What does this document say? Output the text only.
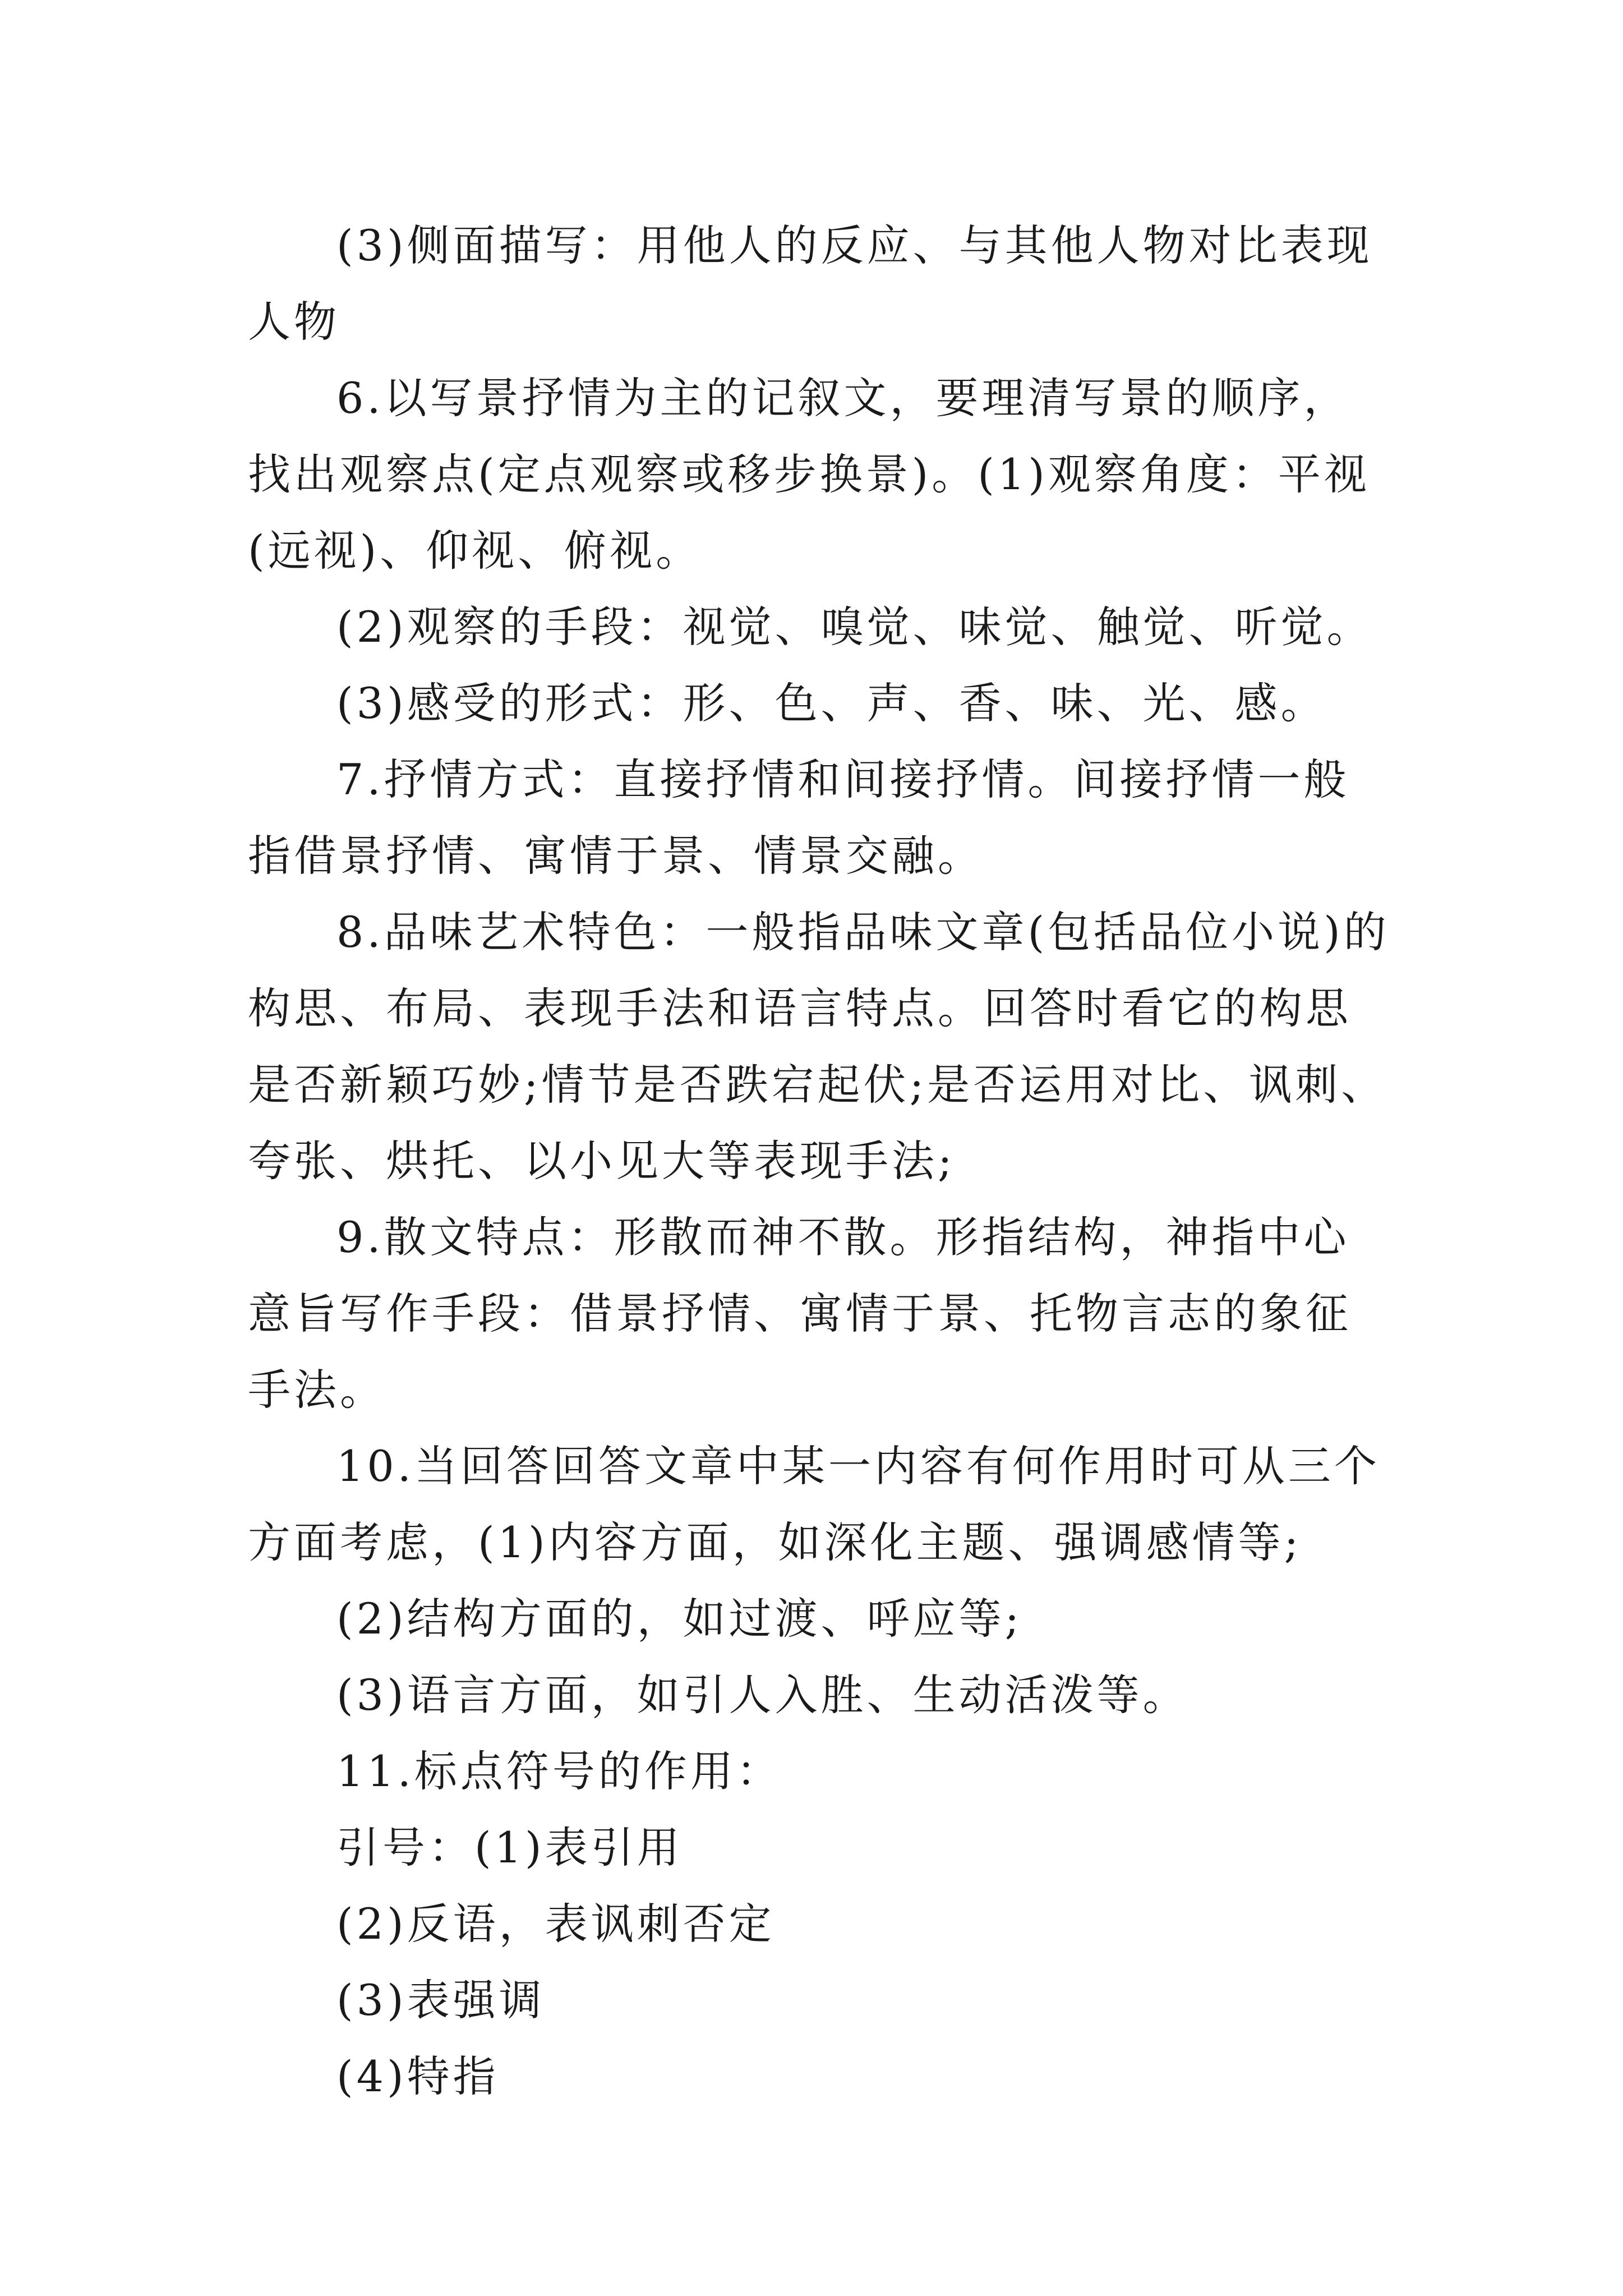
(3)侧面描写：用他人的反应、与其他人物对比表现人物

6.以写景抒情为主的记叙文，要理清写景的顺序，找出观察点(定点观察或移步换景)。(1)观察角度：平视(远视)、仰视、俯视。

(2)观察的手段：视觉、嗅觉、味觉、触觉、听觉。

(3)感受的形式：形、色、声、香、味、光、感。

7.抒情方式：直接抒情和间接抒情。间接抒情一般指借景抒情、寓情于景、情景交融。

8.品味艺术特色：一般指品味文章(包括品位小说)的构思、布局、表现手法和语言特点。回答时看它的构思是否新颖巧妙;情节是否跌宕起伏;是否运用对比、讽刺、夸张、烘托、以小见大等表现手法;

9.散文特点：形散而神不散。形指结构，神指中心意旨写作手段：借景抒情、寓情于景、托物言志的象征手法。

10.当回答回答文章中某一内容有何作用时可从三个方面考虑，(1)内容方面，如深化主题、强调感情等;

(2)结构方面的，如过渡、呼应等;

(3)语言方面，如引人入胜、生动活泼等。

11.标点符号的作用：

引号：(1)表引用

(2)反语，表讽刺否定

(3)表强调

(4)特指
